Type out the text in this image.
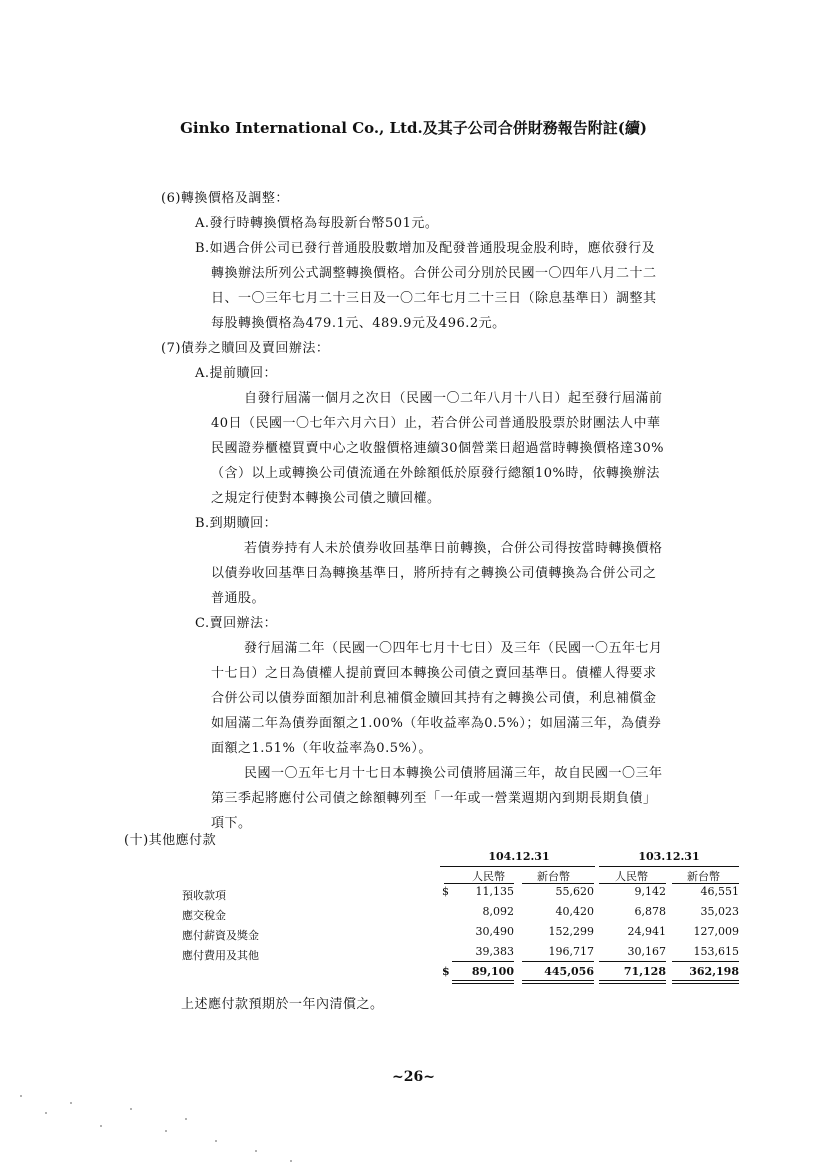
Ginko International Co., Ltd.及其子公司合併財務報告附註(續)
(6)轉換價格及調整：
A.發行時轉換價格為每股新台幣501元。
B.如遇合併公司已發行普通股股數增加及配發普通股現金股利時，應依發行及
轉換辦法所列公式調整轉換價格。合併公司分別於民國一〇四年八月二十二
日、一〇三年七月二十三日及一〇二年七月二十三日（除息基準日）調整其
每股轉換價格為479.1元、489.9元及496.2元。
(7)債券之贖回及賣回辦法：
A.提前贖回：
自發行屆滿一個月之次日（民國一〇二年八月十八日）起至發行屆滿前
40日（民國一〇七年六月六日）止，若合併公司普通股股票於財團法人中華
民國證券櫃檯買賣中心之收盤價格連續30個營業日超過當時轉換價格達30%
（含）以上或轉換公司債流通在外餘額低於原發行總額10%時，依轉換辦法
之規定行使對本轉換公司債之贖回權。
B.到期贖回：
若債券持有人未於債券收回基準日前轉換，合併公司得按當時轉換價格
以債券收回基準日為轉換基準日，將所持有之轉換公司債轉換為合併公司之
普通股。
C.賣回辦法：
發行屆滿二年（民國一〇四年七月十七日）及三年（民國一〇五年七月
十七日）之日為債權人提前賣回本轉換公司債之賣回基準日。債權人得要求
合併公司以債券面額加計利息補償金贖回其持有之轉換公司債，利息補償金
如屆滿二年為債券面額之1.00%（年收益率為0.5%）；如屆滿三年，為債券
面額之1.51%（年收益率為0.5%）。
民國一〇五年七月十七日本轉換公司債將屆滿三年，故自民國一〇三年
第三季起將應付公司債之餘額轉列至「一年或一營業週期內到期長期負債」
項下。
(十)其他應付款
104.12.31	103.12.31
人民幣	新台幣	人民幣	新台幣
$
預收款項	11,135	55,620	9,142	46,551
應交稅金	8,092	40,420	6,878	35,023
應付薪資及獎金	30,490	152,299	24,941	127,009
應付費用及其他	39,383	196,717	30,167	153,615
$	89,100	445,056	71,128	362,198
上述應付款預期於一年內清償之。
~26~
